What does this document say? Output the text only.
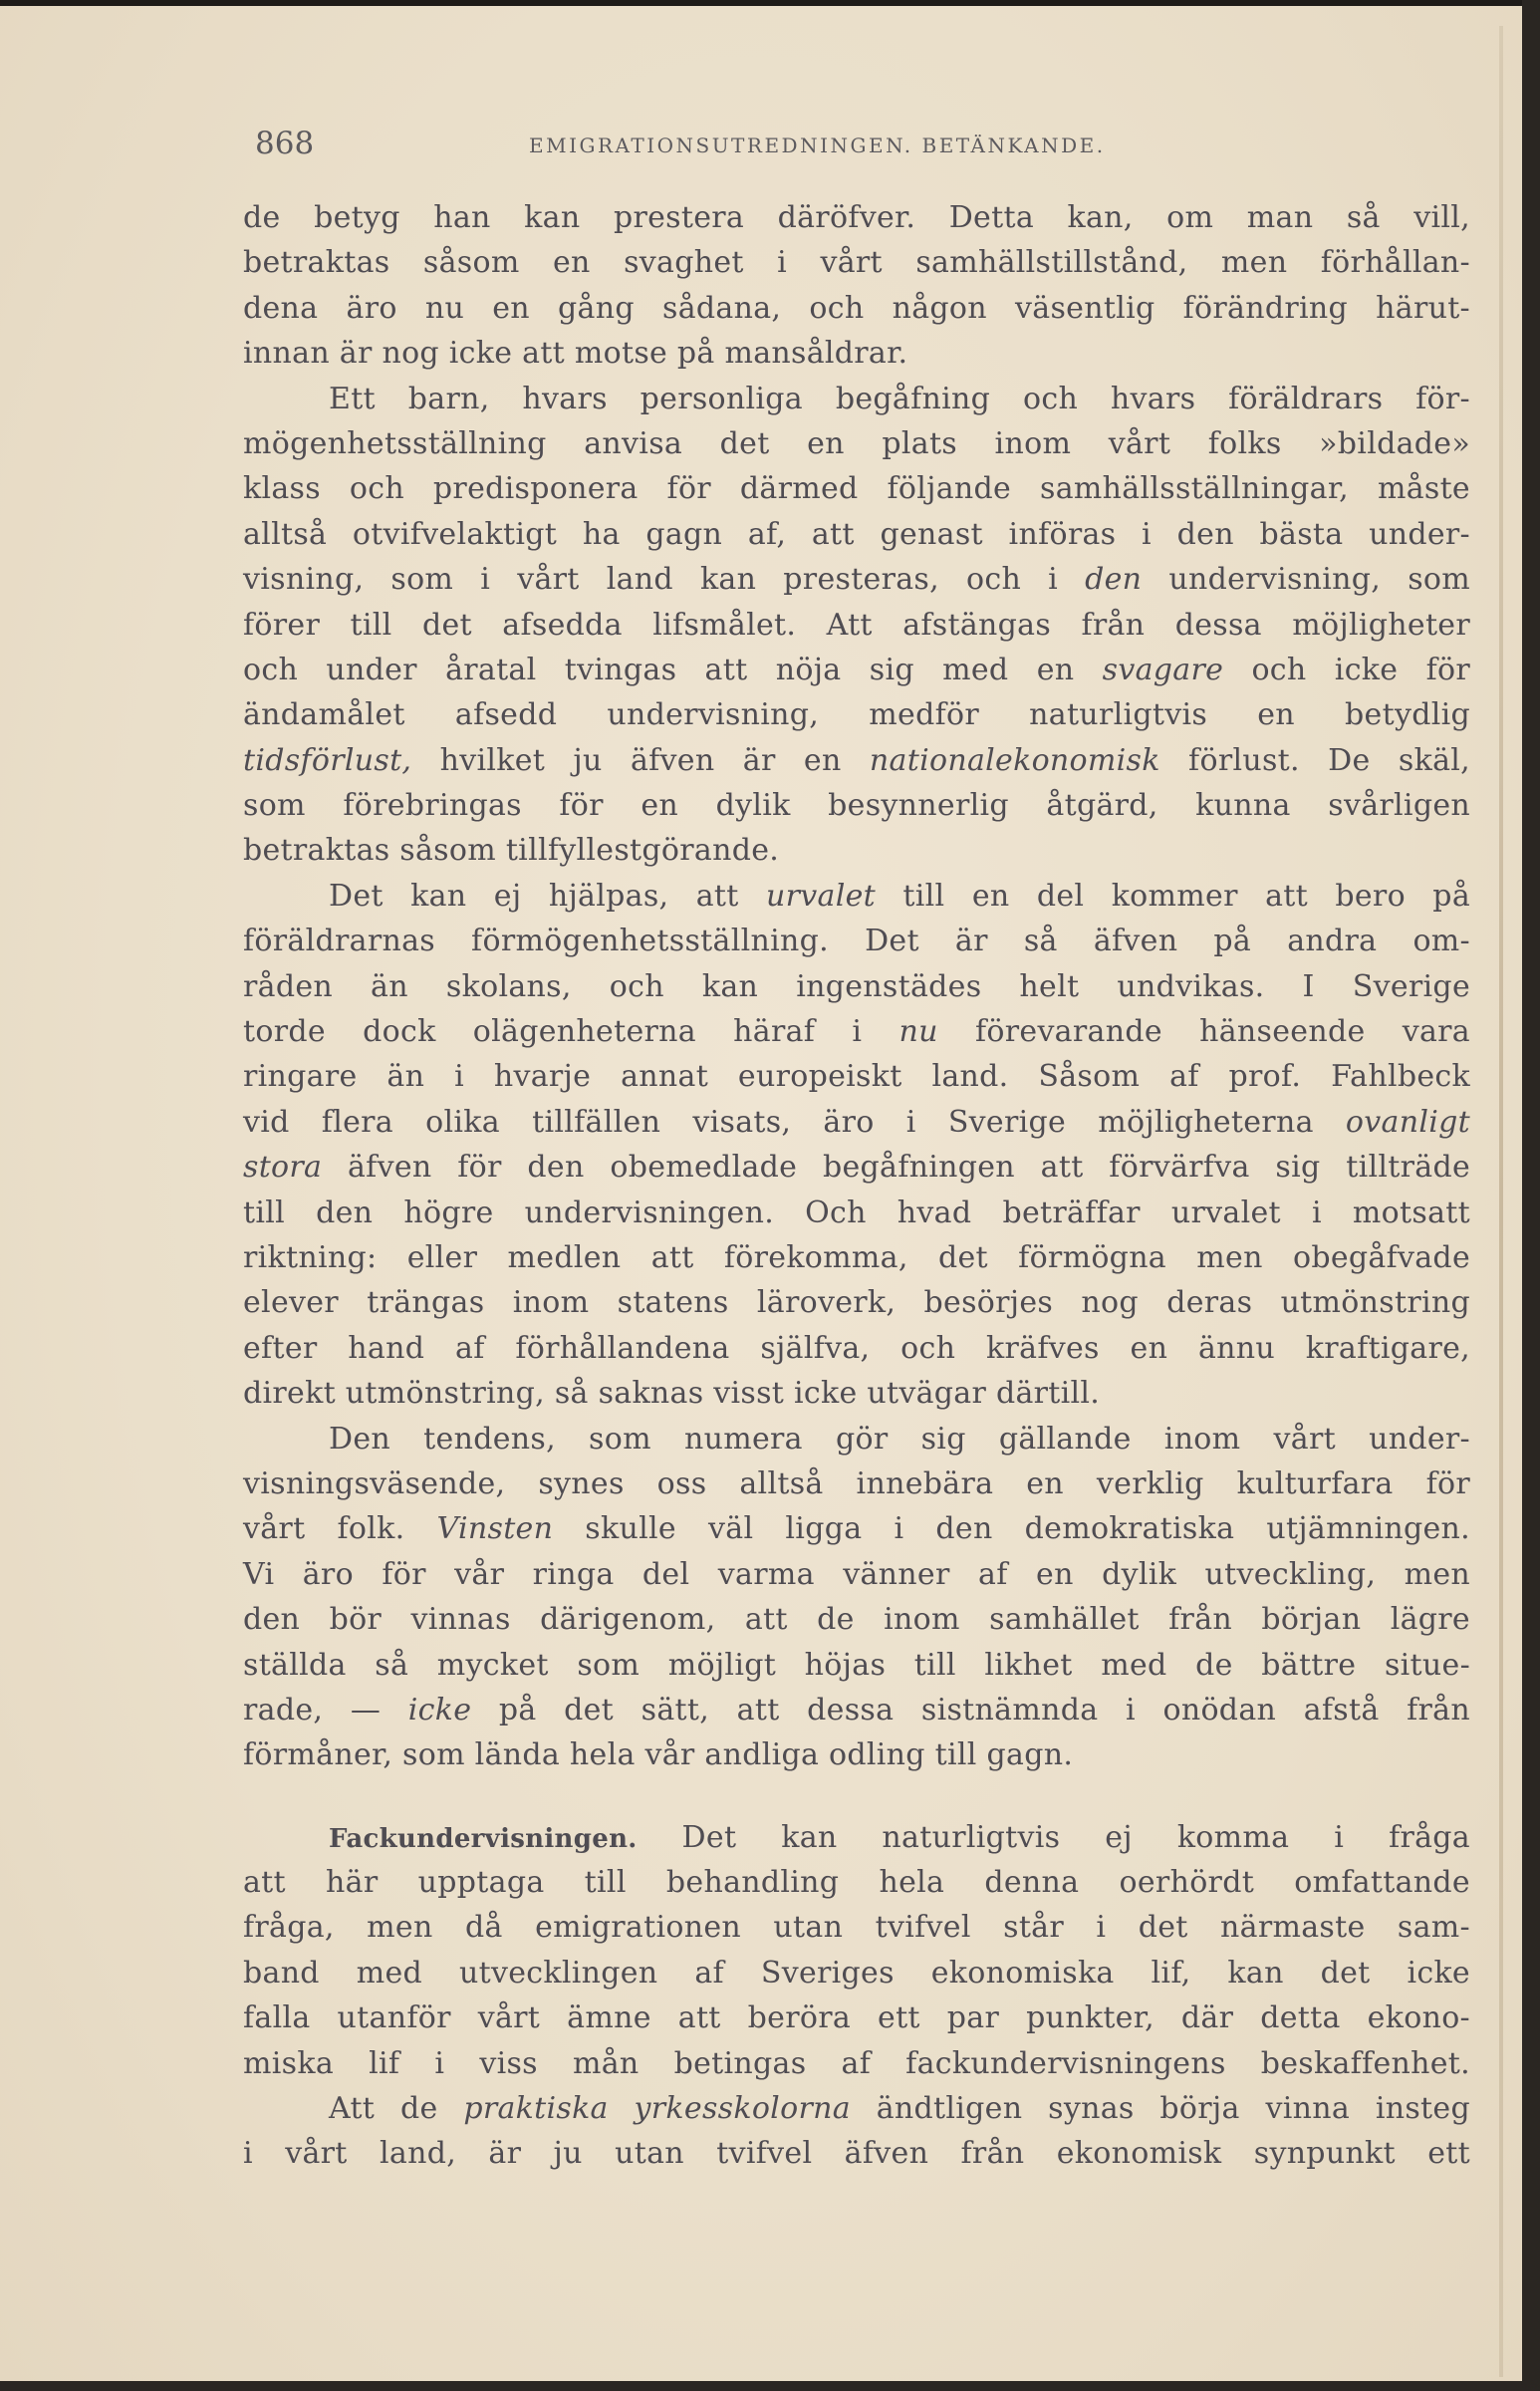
868	EMIGRATIONSUTREDNINGEN. BETÄNKANDE.
de betyg han kan prestera däröfver. Detta kan, om man så vill,
betraktas såsom en svaghet i vårt samhällstillstånd, men förhållan-
dena äro nu en gång sådana, och någon väsentlig förändring härut-
innan är nog icke att motse på mansåldrar.
Ett barn, hvars personliga begåfning och hvars föräldrars för-
mögenhetsställning anvisa det en plats inom vårt folks »bildade»
klass och predisponera för därmed följande samhällsställningar, måste
alltså otvifvelaktigt ha gagn af, att genast införas i den bästa under-
visning, som i vårt land kan presteras, och i den undervisning, som
förer till det afsedda lifsmålet. Att afstängas från dessa möjligheter
och under åratal tvingas att nöja sig med en svagare och icke för
ändamålet afsedd undervisning, medför naturligtvis en betydlig
tidsförlust, hvilket ju äfven är en nationalekonomisk förlust. De skäl,
som förebringas för en dylik besynnerlig åtgärd, kunna svårligen
betraktas såsom tillfyllestgörande.
Det kan ej hjälpas, att urvalet till en del kommer att bero på
föräldrarnas förmögenhetsställning. Det är så äfven på andra om-
råden än skolans, och kan ingenstädes helt undvikas. I Sverige
torde dock olägenheterna häraf i nu förevarande hänseende vara
ringare än i hvarje annat europeiskt land. Såsom af prof. Fahlbeck
vid flera olika tillfällen visats, äro i Sverige möjligheterna ovanligt
stora äfven för den obemedlade begåfningen att förvärfva sig tillträde
till den högre undervisningen. Och hvad beträffar urvalet i motsatt
riktning: eller medlen att förekomma, det förmögna men obegåfvade
elever trängas inom statens läroverk, besörjes nog deras utmönstring
efter hand af förhållandena själfva, och kräfves en ännu kraftigare,
direkt utmönstring, så saknas visst icke utvägar därtill.
Den tendens, som numera gör sig gällande inom vårt under-
visningsväsende, synes oss alltså innebära en verklig kulturfara för
vårt folk. Vinsten skulle väl ligga i den demokratiska utjämningen.
Vi äro för vår ringa del varma vänner af en dylik utveckling, men
den bör vinnas därigenom, att de inom samhället från början lägre
ställda så mycket som möjligt höjas till likhet med de bättre situe-
rade, — icke på det sätt, att dessa sistnämnda i onödan afstå från
förmåner, som lända hela vår andliga odling till gagn.
Fackundervisningen. Det kan naturligtvis ej komma i fråga
att här upptaga till behandling hela denna oerhördt omfattande
fråga, men då emigrationen utan tvifvel står i det närmaste sam-
band med utvecklingen af Sveriges ekonomiska lif, kan det icke
falla utanför vårt ämne att beröra ett par punkter, där detta ekono-
miska lif i viss mån betingas af fackundervisningens beskaffenhet.
Att de praktiska yrkesskolorna ändtligen synas börja vinna insteg
i vårt land, är ju utan tvifvel äfven från ekonomisk synpunkt ett
